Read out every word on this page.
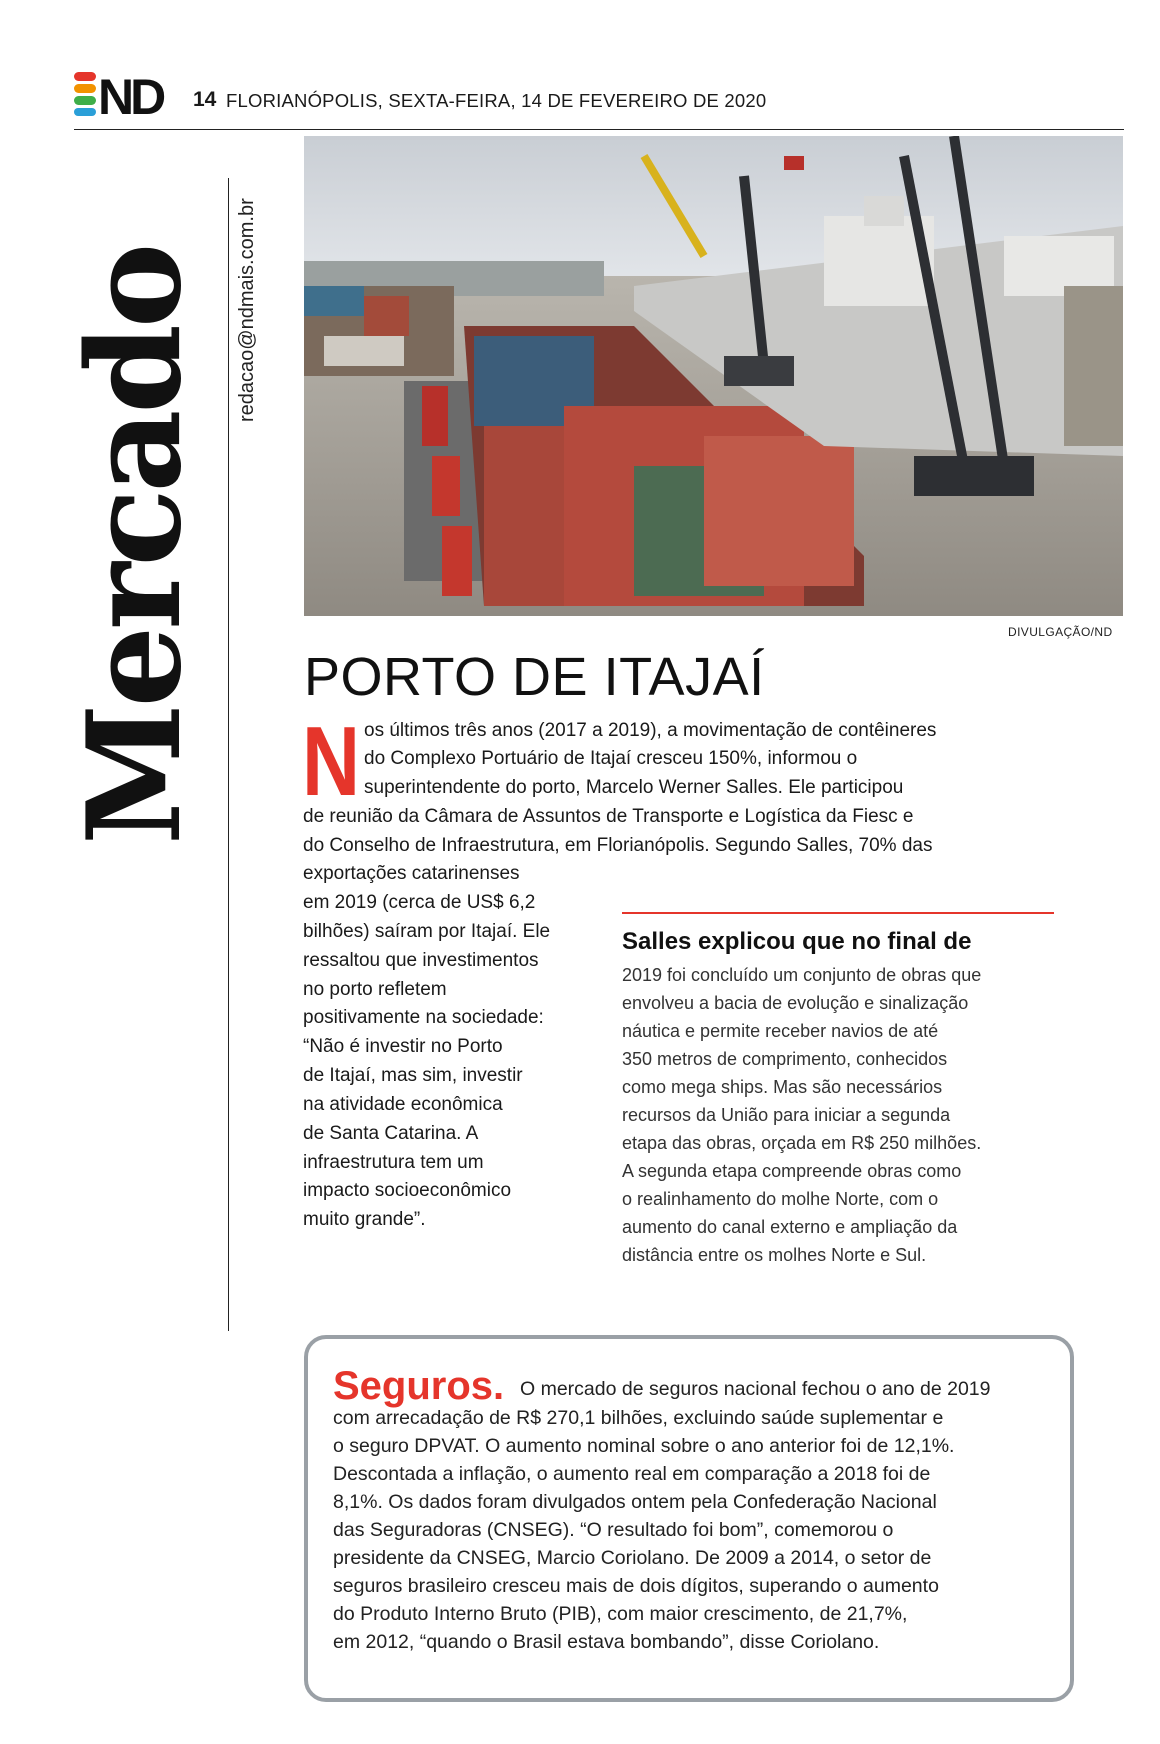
ND 14 FLORIANÓPOLIS, SEXTA-FEIRA, 14 DE FEVEREIRO DE 2020
Mercado redacao@ndmais.com.br
DIVULGAÇÃO/ND
PORTO DE ITAJAÍ
N os últimos três anos (2017 a 2019), a movimentação de contêineres
do Complexo Portuário de Itajaí cresceu 150%, informou o
superintendente do porto, Marcelo Werner Salles. Ele participou
de reunião da Câmara de Assuntos de Transporte e Logística da Fiesc e
do Conselho de Infraestrutura, em Florianópolis. Segundo Salles, 70% das
exportações catarinenses
em 2019 (cerca de US$ 6,2
bilhões) saíram por Itajaí. Ele
ressaltou que investimentos
no porto refletem
positivamente na sociedade:
“Não é investir no Porto
de Itajaí, mas sim, investir
na atividade econômica
de Santa Catarina. A
infraestrutura tem um
impacto socioeconômico
muito grande”.
Salles explicou que no final de
2019 foi concluído um conjunto de obras que
envolveu a bacia de evolução e sinalização
náutica e permite receber navios de até
350 metros de comprimento, conhecidos
como mega ships. Mas são necessários
recursos da União para iniciar a segunda
etapa das obras, orçada em R$ 250 milhões.
A segunda etapa compreende obras como
o realinhamento do molhe Norte, com o
aumento do canal externo e ampliação da
distância entre os molhes Norte e Sul.
Seguros. O mercado de seguros nacional fechou o ano de 2019
com arrecadação de R$ 270,1 bilhões, excluindo saúde suplementar e
o seguro DPVAT. O aumento nominal sobre o ano anterior foi de 12,1%.
Descontada a inflação, o aumento real em comparação a 2018 foi de
8,1%. Os dados foram divulgados ontem pela Confederação Nacional
das Seguradoras (CNSEG). “O resultado foi bom”, comemorou o
presidente da CNSEG, Marcio Coriolano. De 2009 a 2014, o setor de
seguros brasileiro cresceu mais de dois dígitos, superando o aumento
do Produto Interno Bruto (PIB), com maior crescimento, de 21,7%,
em 2012, “quando o Brasil estava bombando”, disse Coriolano.
